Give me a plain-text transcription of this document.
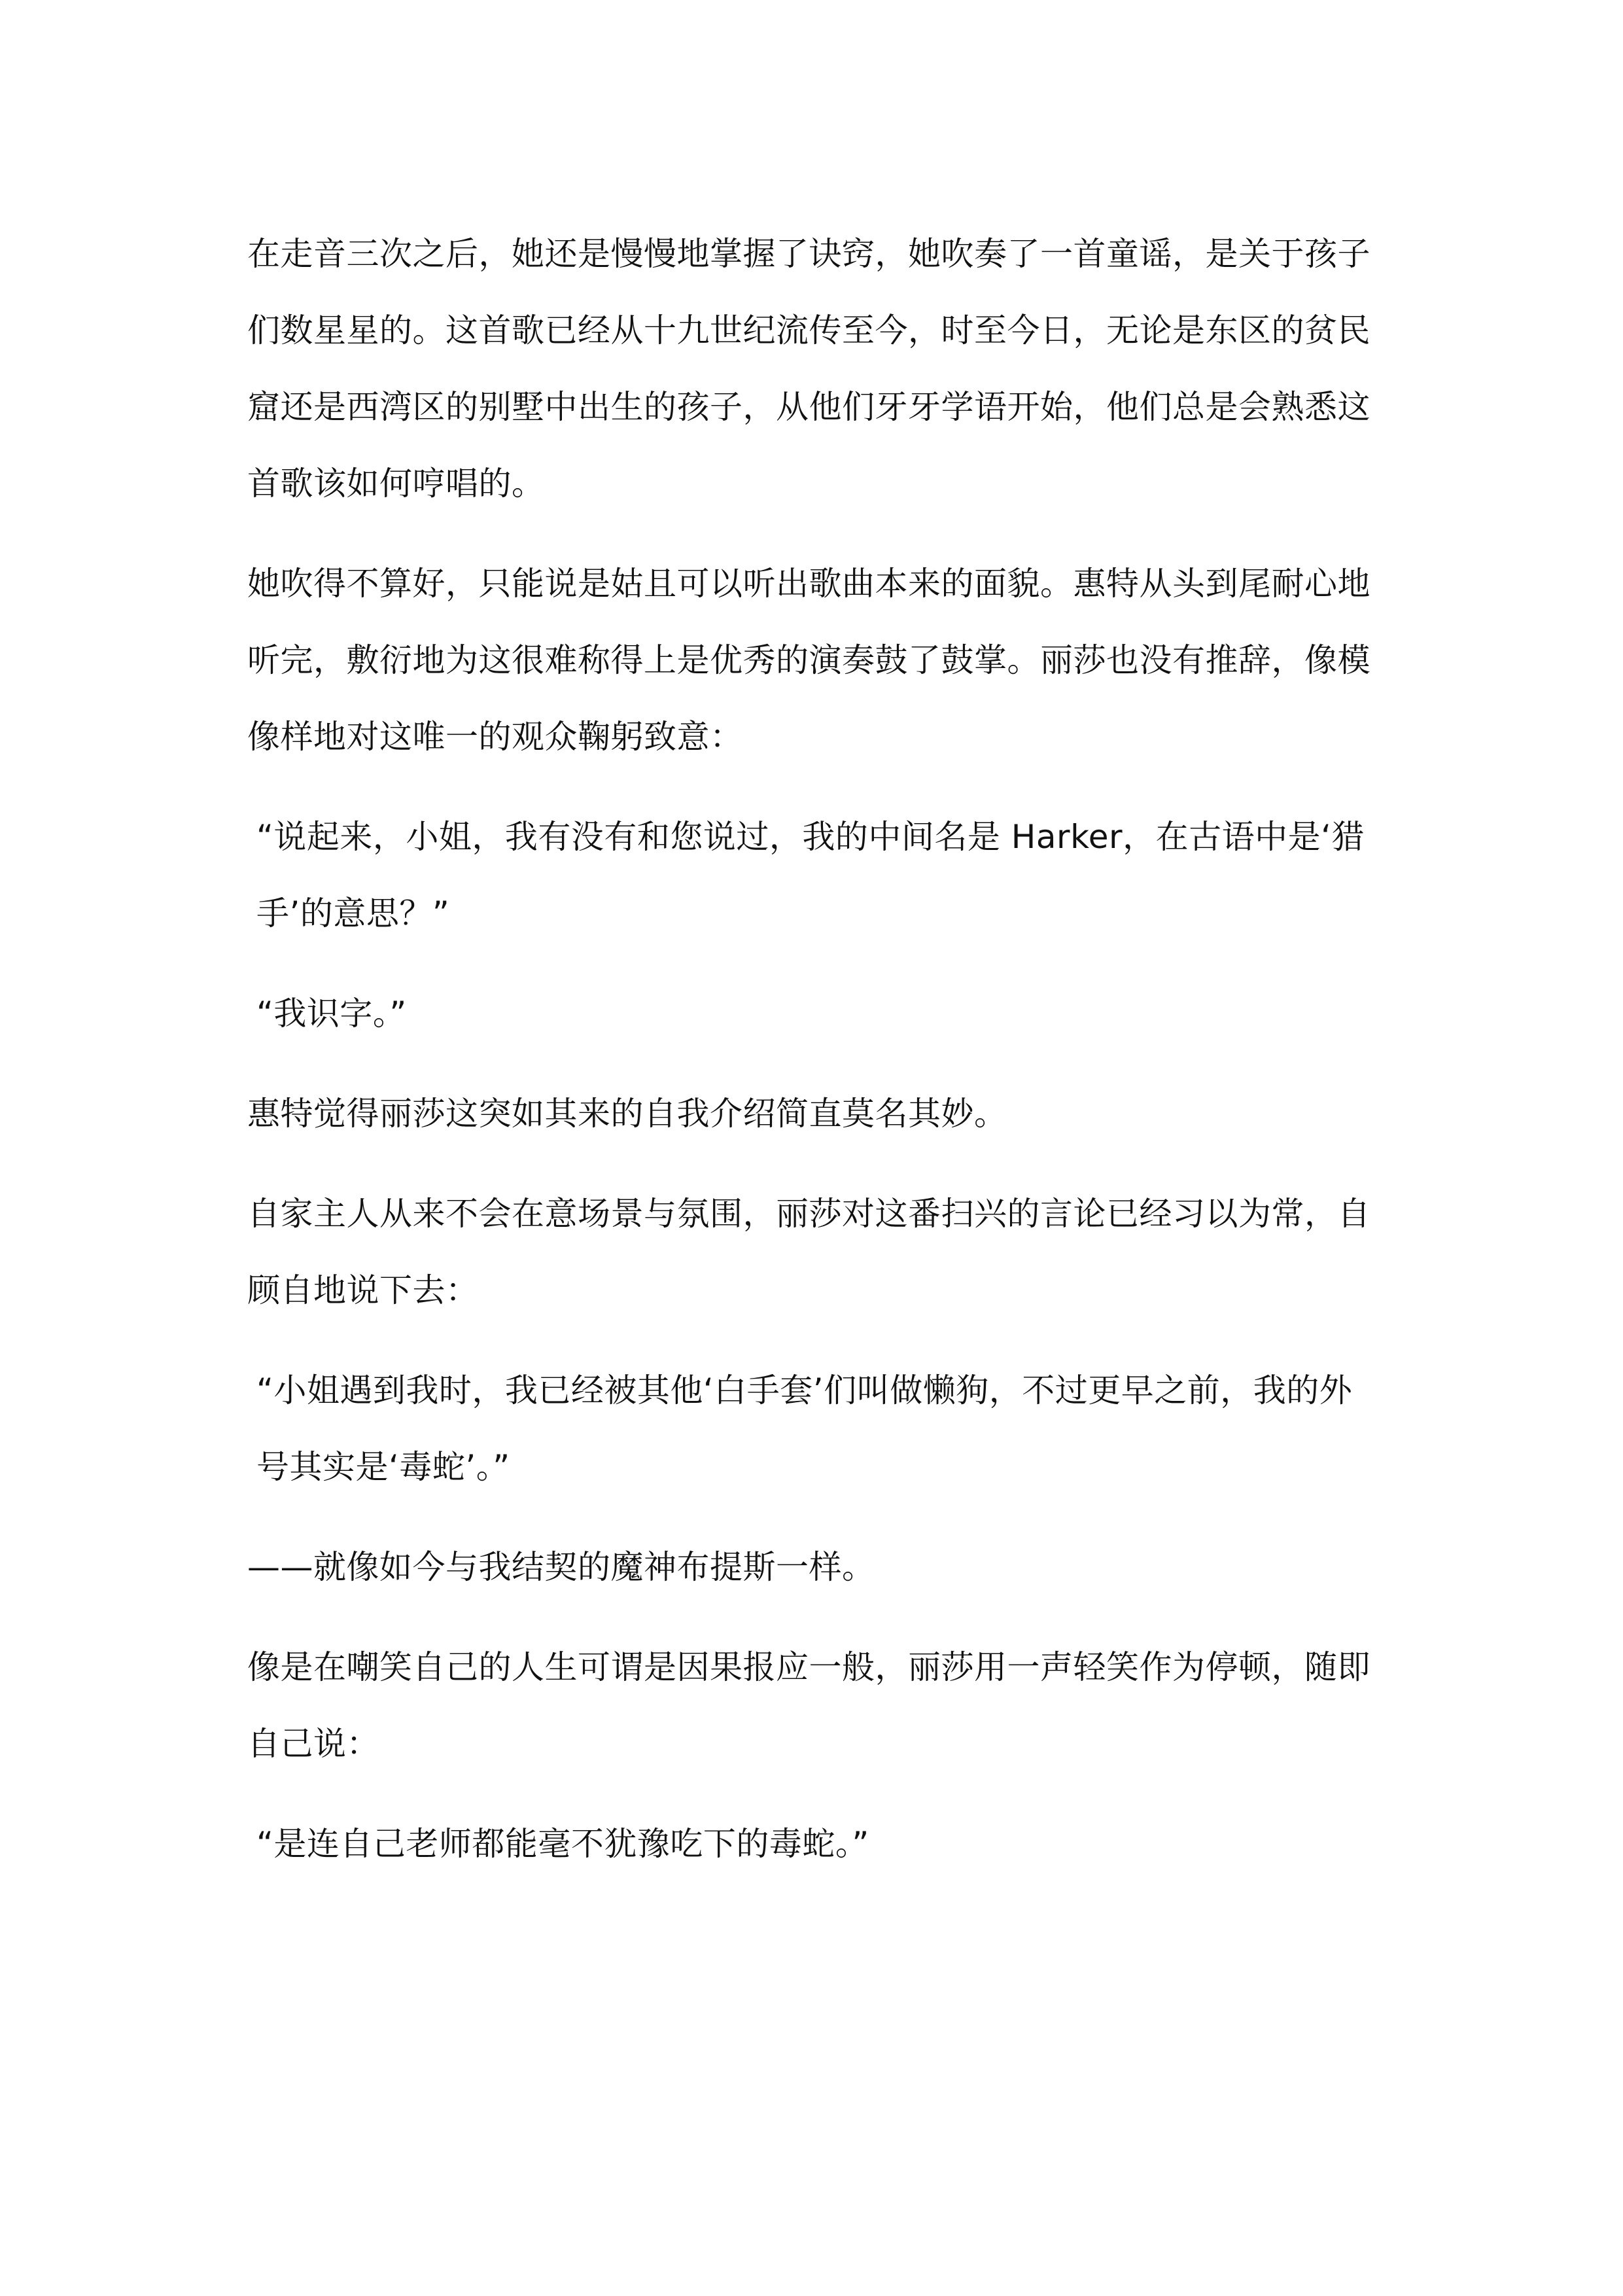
在走音三次之后，她还是慢慢地掌握了诀窍，她吹奏了一首童谣，是关于孩子们数星星的。这首歌已经从十九世纪流传至今，时至今日，无论是东区的贫民窟还是西湾区的别墅中出生的孩子，从他们牙牙学语开始，他们总是会熟悉这首歌该如何哼唱的。

她吹得不算好，只能说是姑且可以听出歌曲本来的面貌。惠特从头到尾耐心地听完，敷衍地为这很难称得上是优秀的演奏鼓了鼓掌。丽莎也没有推辞，像模像样地对这唯一的观众鞠躬致意：

“说起来，小姐，我有没有和您说过，我的中间名是 Harker，在古语中是‘猎手’的意思？”

“我识字。”

惠特觉得丽莎这突如其来的自我介绍简直莫名其妙。

自家主人从来不会在意场景与氛围，丽莎对这番扫兴的言论已经习以为常，自顾自地说下去：

“小姐遇到我时，我已经被其他‘白手套’们叫做懒狗，不过更早之前，我的外号其实是‘毒蛇’。”

——就像如今与我结契的魔神布提斯一样。

像是在嘲笑自己的人生可谓是因果报应一般，丽莎用一声轻笑作为停顿，随即自己说：

“是连自己老师都能毫不犹豫吃下的毒蛇。”
